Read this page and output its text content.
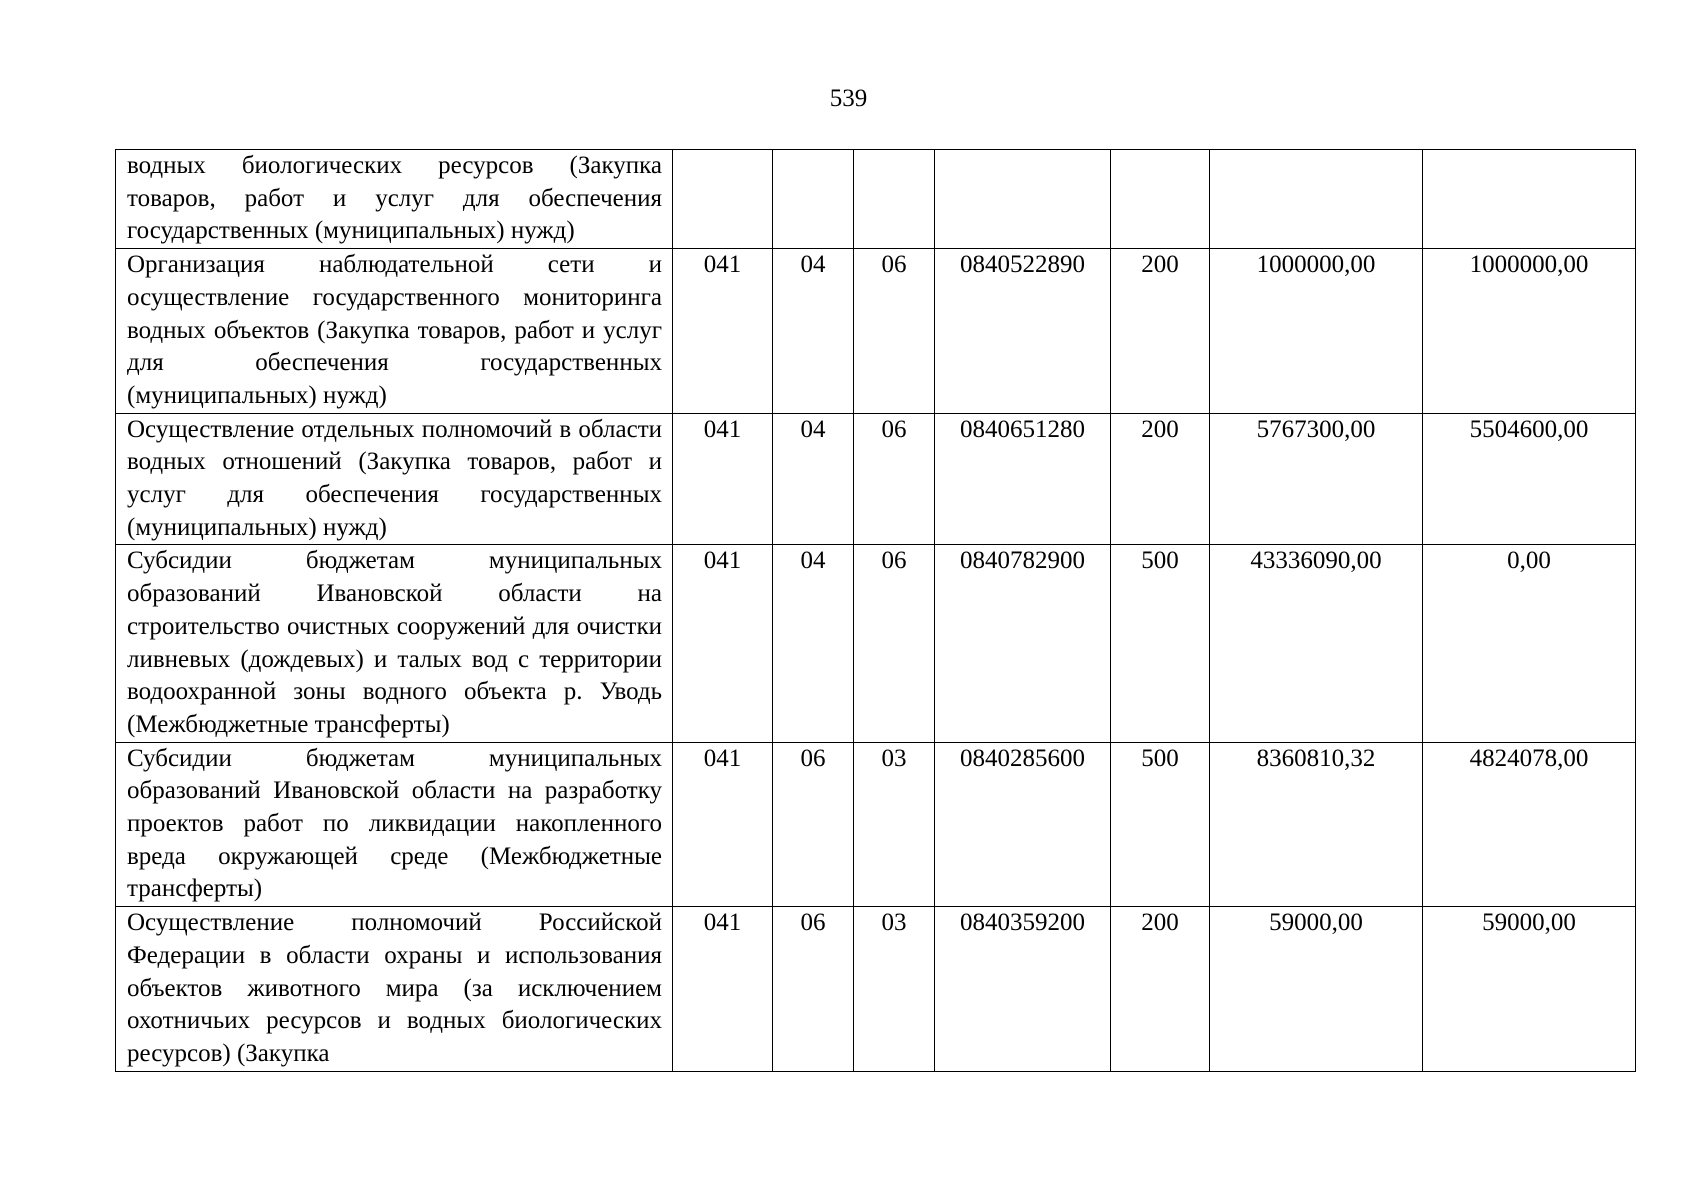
539
водных биологических ресурсов (Закупка товаров, работ и услуг для обеспечения государственных (муниципальных) нужд)							
Организация наблюдательной сети и осуществление государственного мониторинга водных объектов (Закупка товаров, работ и услуг для обеспечения государственных (муниципальных) нужд)	041	04	06	0840522890	200	1000000,00	1000000,00
Осуществление отдельных полномочий в области водных отношений (Закупка товаров, работ и услуг для обеспечения государственных (муниципальных) нужд)	041	04	06	0840651280	200	5767300,00	5504600,00
Субсидии бюджетам муниципальных образований Ивановской области на строительство очистных сооружений для очистки ливневых (дождевых) и талых вод с территории водоохранной зоны водного объекта р. Уводь (Межбюджетные трансферты)	041	04	06	0840782900	500	43336090,00	0,00
Субсидии бюджетам муниципальных образований Ивановской области на разработку проектов работ по ликвидации накопленного вреда окружающей среде (Межбюджетные трансферты)	041	06	03	0840285600	500	8360810,32	4824078,00
Осуществление полномочий Российской Федерации в области охраны и использования объектов животного мира (за исключением охотничьих ресурсов и водных биологических ресурсов) (Закупка	041	06	03	0840359200	200	59000,00	59000,00
